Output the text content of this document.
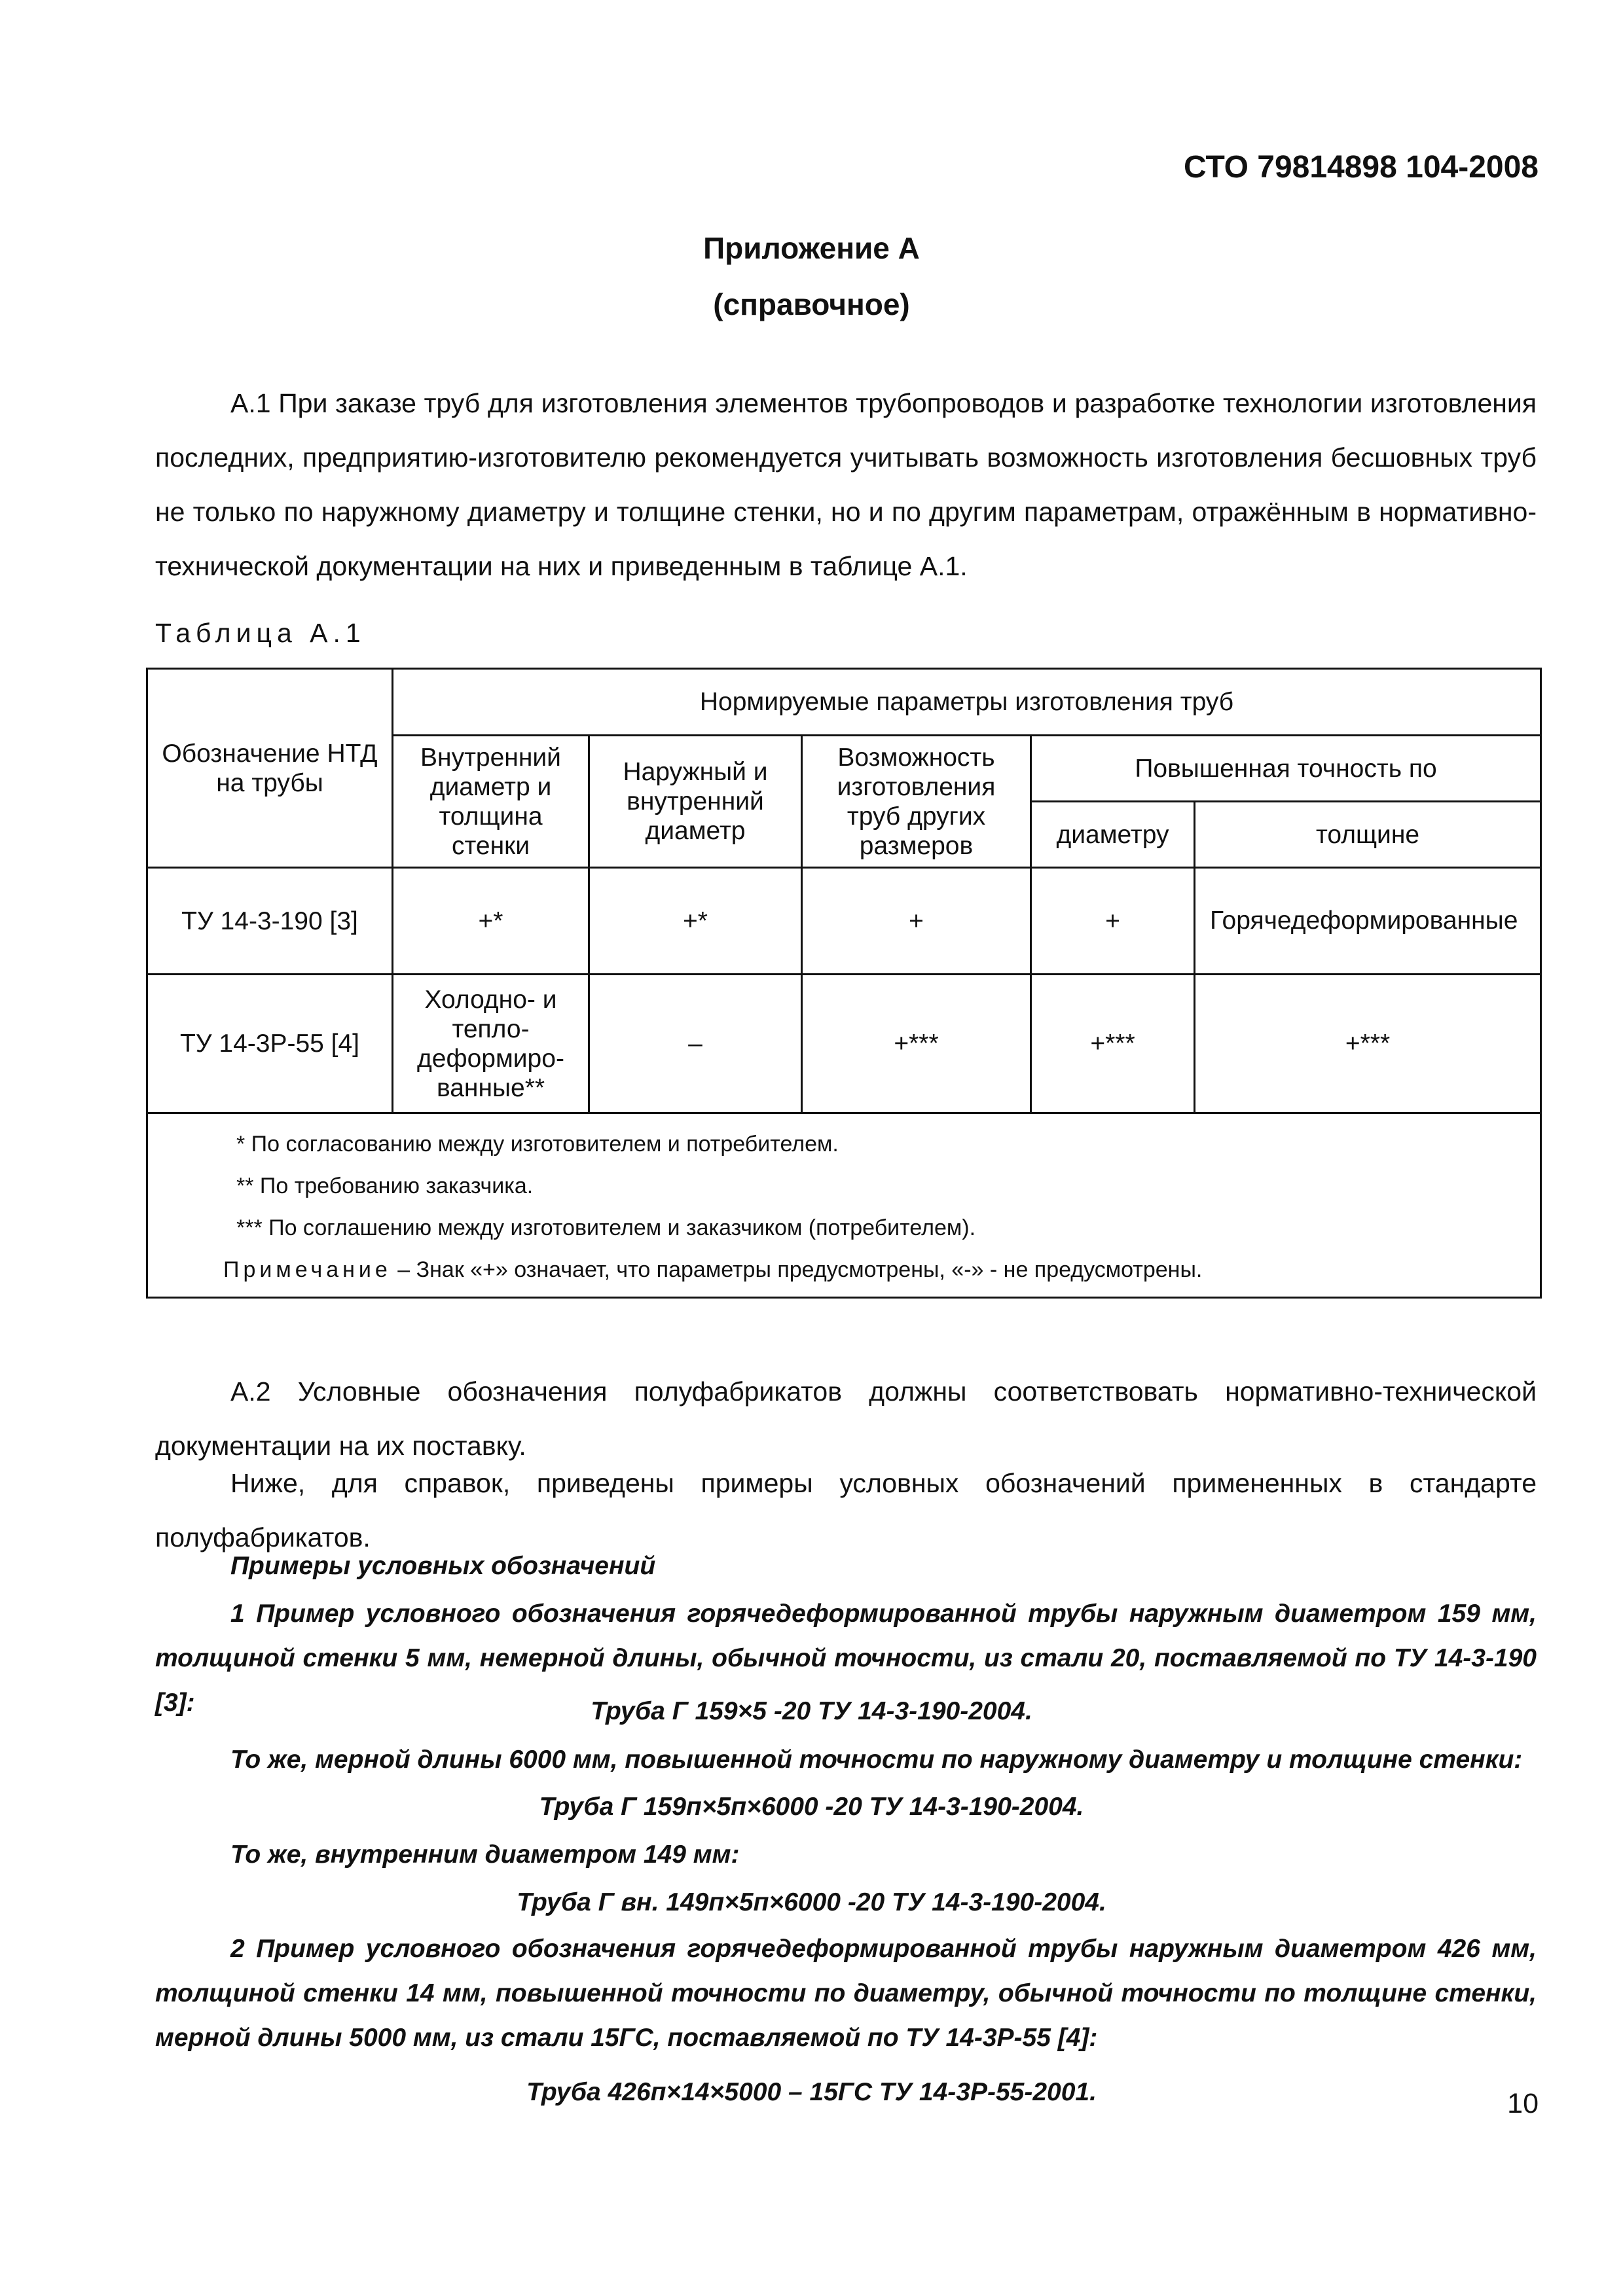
СТО 79814898 104-2008
Приложение А
(справочное)
А.1 При заказе труб для изготовления элементов трубопроводов и разработке технологии изготовления последних, предприятию-изготовителю рекомендуется учитывать возможность изготовления бесшовных труб не только по наружному диаметру и толщине стенки, но и по другим параметрам, отражённым в нормативно-технической документации на них и приведенным в таблице А.1.
Таблица А.1
Обозначение НТД на трубы	Нормируемые параметры изготовления труб				
	Внутренний диаметр и толщина стенки	Наружный и внутренний диаметр	Возможность изготовления труб других размеров	Повышенная точность по	
				диаметру	толщине
ТУ 14-3-190 [3]	+*	+*	+	+	Горячедеформированные
ТУ 14-3Р-55 [4]	Холодно- и теплодеформированные**	–	+***	+***	+***

* По согласованию между изготовителем и потребителем.
** По требованию заказчика.
*** По соглашению между изготовителем и заказчиком (потребителем).
Примечание – Знак «+» означает, что параметры предусмотрены, «-» - не предусмотрены.					
А.2 Условные обозначения полуфабрикатов должны соответствовать нормативно-технической документации на их поставку.
Ниже, для справок, приведены примеры условных обозначений примененных в стандарте полуфабрикатов.
Примеры условных обозначений
1 Пример условного обозначения горячедеформированной трубы наружным диаметром 159 мм, толщиной стенки 5 мм, немерной длины, обычной точности, из стали 20, поставляемой по ТУ 14-3-190 [3]:	Труба Г 159×5 -20 ТУ 14-3-190-2004.
То же, мерной длины 6000 мм, повышенной точности по наружному диаметру и толщине стенки:
Труба Г 159п×5п×6000 -20 ТУ 14-3-190-2004.
То же, внутренним диаметром 149 мм:
Труба Г вн. 149п×5п×6000 -20 ТУ 14-3-190-2004.
2 Пример условного обозначения горячедеформированной трубы наружным диаметром 426 мм, толщиной стенки 14 мм, повышенной точности по диаметру, обычной точности по толщине стенки, мерной длины 5000 мм, из стали 15ГС, поставляемой по ТУ 14-3Р-55 [4]:
Труба 426п×14×5000 – 15ГС ТУ 14-3Р-55-2001.	10
